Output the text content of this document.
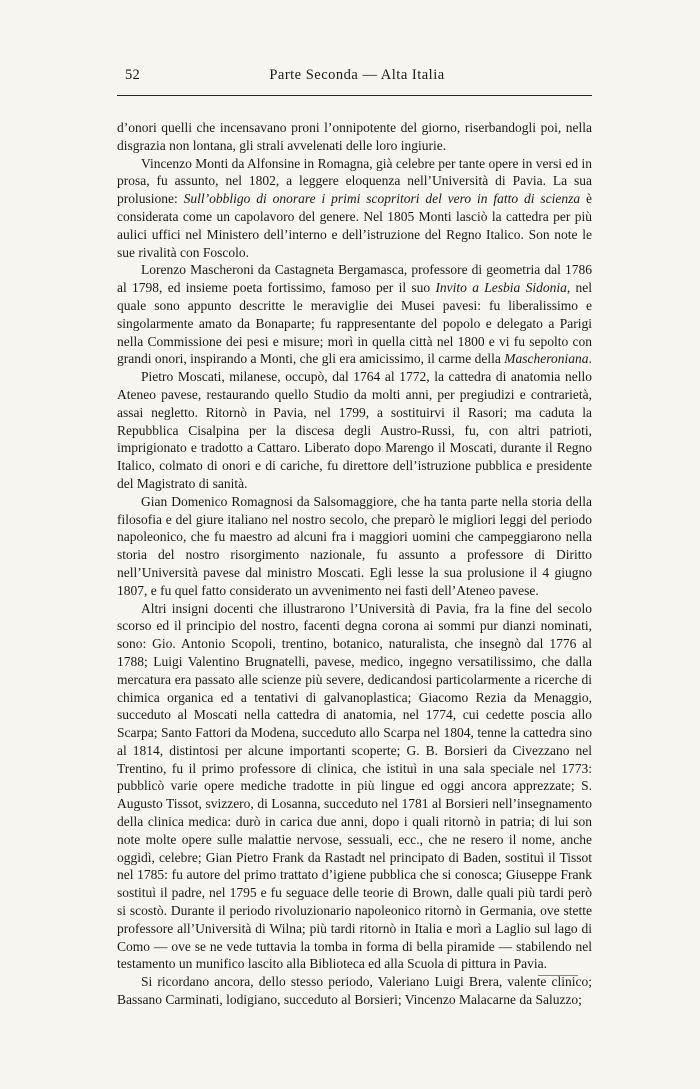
52	Parte Seconda — Alta Italia

d’onori quelli che incensavano proni l’onnipotente del giorno, riserbandogli poi, nella disgrazia non lontana, gli strali avvelenati delle loro ingiurie.

Vincenzo Monti da Alfonsine in Romagna, già celebre per tante opere in versi ed in prosa, fu assunto, nel 1802, a leggere eloquenza nell’Università di Pavia. La sua prolusione: Sull’obbligo di onorare i primi scopritori del vero in fatto di scienza è considerata come un capolavoro del genere. Nel 1805 Monti lasciò la cattedra per più aulici uffici nel Ministero dell’interno e dell’istruzione del Regno Italico. Son note le sue rivalità con Foscolo.

Lorenzo Mascheroni da Castagneta Bergamasca, professore di geometria dal 1786 al 1798, ed insieme poeta fortissimo, famoso per il suo Invito a Lesbia Sidonia, nel quale sono appunto descritte le meraviglie dei Musei pavesi: fu liberalissimo e singolarmente amato da Bonaparte; fu rappresentante del popolo e delegato a Parigi nella Commissione dei pesi e misure; morì in quella città nel 1800 e vi fu sepolto con grandi onori, inspirando a Monti, che gli era amicissimo, il carme della Mascheroniana.

Pietro Moscati, milanese, occupò, dal 1764 al 1772, la cattedra di anatomia nello Ateneo pavese, restaurando quello Studio da molti anni, per pregiudizi e contrarietà, assai negletto. Ritornò in Pavia, nel 1799, a sostituirvi il Rasori; ma caduta la Repubblica Cisalpina per la discesa degli Austro-Russi, fu, con altri patrioti, imprigionato e tradotto a Cattaro. Liberato dopo Marengo il Moscati, durante il Regno Italico, colmato di onori e di cariche, fu direttore dell’istruzione pubblica e presidente del Magistrato di sanità.

Gian Domenico Romagnosi da Salsomaggiore, che ha tanta parte nella storia della filosofia e del giure italiano nel nostro secolo, che preparò le migliori leggi del periodo napoleonico, che fu maestro ad alcuni fra i maggiori uomini che campeggiarono nella storia del nostro risorgimento nazionale, fu assunto a professore di Diritto nell’Università pavese dal ministro Moscati. Egli lesse la sua prolusione il 4 giugno 1807, e fu quel fatto considerato un avvenimento nei fasti dell’Ateneo pavese.

Altri insigni docenti che illustrarono l’Università di Pavia, fra la fine del secolo scorso ed il principio del nostro, facenti degna corona ai sommi pur dianzi nominati, sono: Gio. Antonio Scopoli, trentino, botanico, naturalista, che insegnò dal 1776 al 1788; Luigi Valentino Brugnatelli, pavese, medico, ingegno versatilissimo, che dalla mercatura era passato alle scienze più severe, dedicandosi particolarmente a ricerche di chimica organica ed a tentativi di galvanoplastica; Giacomo Rezia da Menaggio, succeduto al Moscati nella cattedra di anatomia, nel 1774, cui cedette poscia allo Scarpa; Santo Fattori da Modena, succeduto allo Scarpa nel 1804, tenne la cattedra sino al 1814, distintosi per alcune importanti scoperte; G. B. Borsieri da Civezzano nel Trentino, fu il primo professore di clinica, che istituì in una sala speciale nel 1773: pubblicò varie opere mediche tradotte in più lingue ed oggi ancora apprezzate; S. Augusto Tissot, svizzero, di Losanna, succeduto nel 1781 al Borsieri nell’insegnamento della clinica medica: durò in carica due anni, dopo i quali ritornò in patria; di lui son note molte opere sulle malattie nervose, sessuali, ecc., che ne resero il nome, anche oggidì, celebre; Gian Pietro Frank da Rastadt nel principato di Baden, sostituì il Tissot nel 1785: fu autore del primo trattato d’igiene pubblica che si conosca; Giuseppe Frank sostituì il padre, nel 1795 e fu seguace delle teorie di Brown, dalle quali più tardi però si scostò. Durante il periodo rivoluzionario napoleonico ritornò in Germania, ove stette professore all’Università di Wilna; più tardi ritornò in Italia e morì a Laglio sul lago di Como — ove se ne vede tuttavia la tomba in forma di bella piramide — stabilendo nel testamento un munifico lascito alla Biblioteca ed alla Scuola di pittura in Pavia.

Si ricordano ancora, dello stesso periodo, Valeriano Luigi Brera, valente clinico; Bassano Carminati, lodigiano, succeduto al Borsieri; Vincenzo Malacarne da Saluzzo;
